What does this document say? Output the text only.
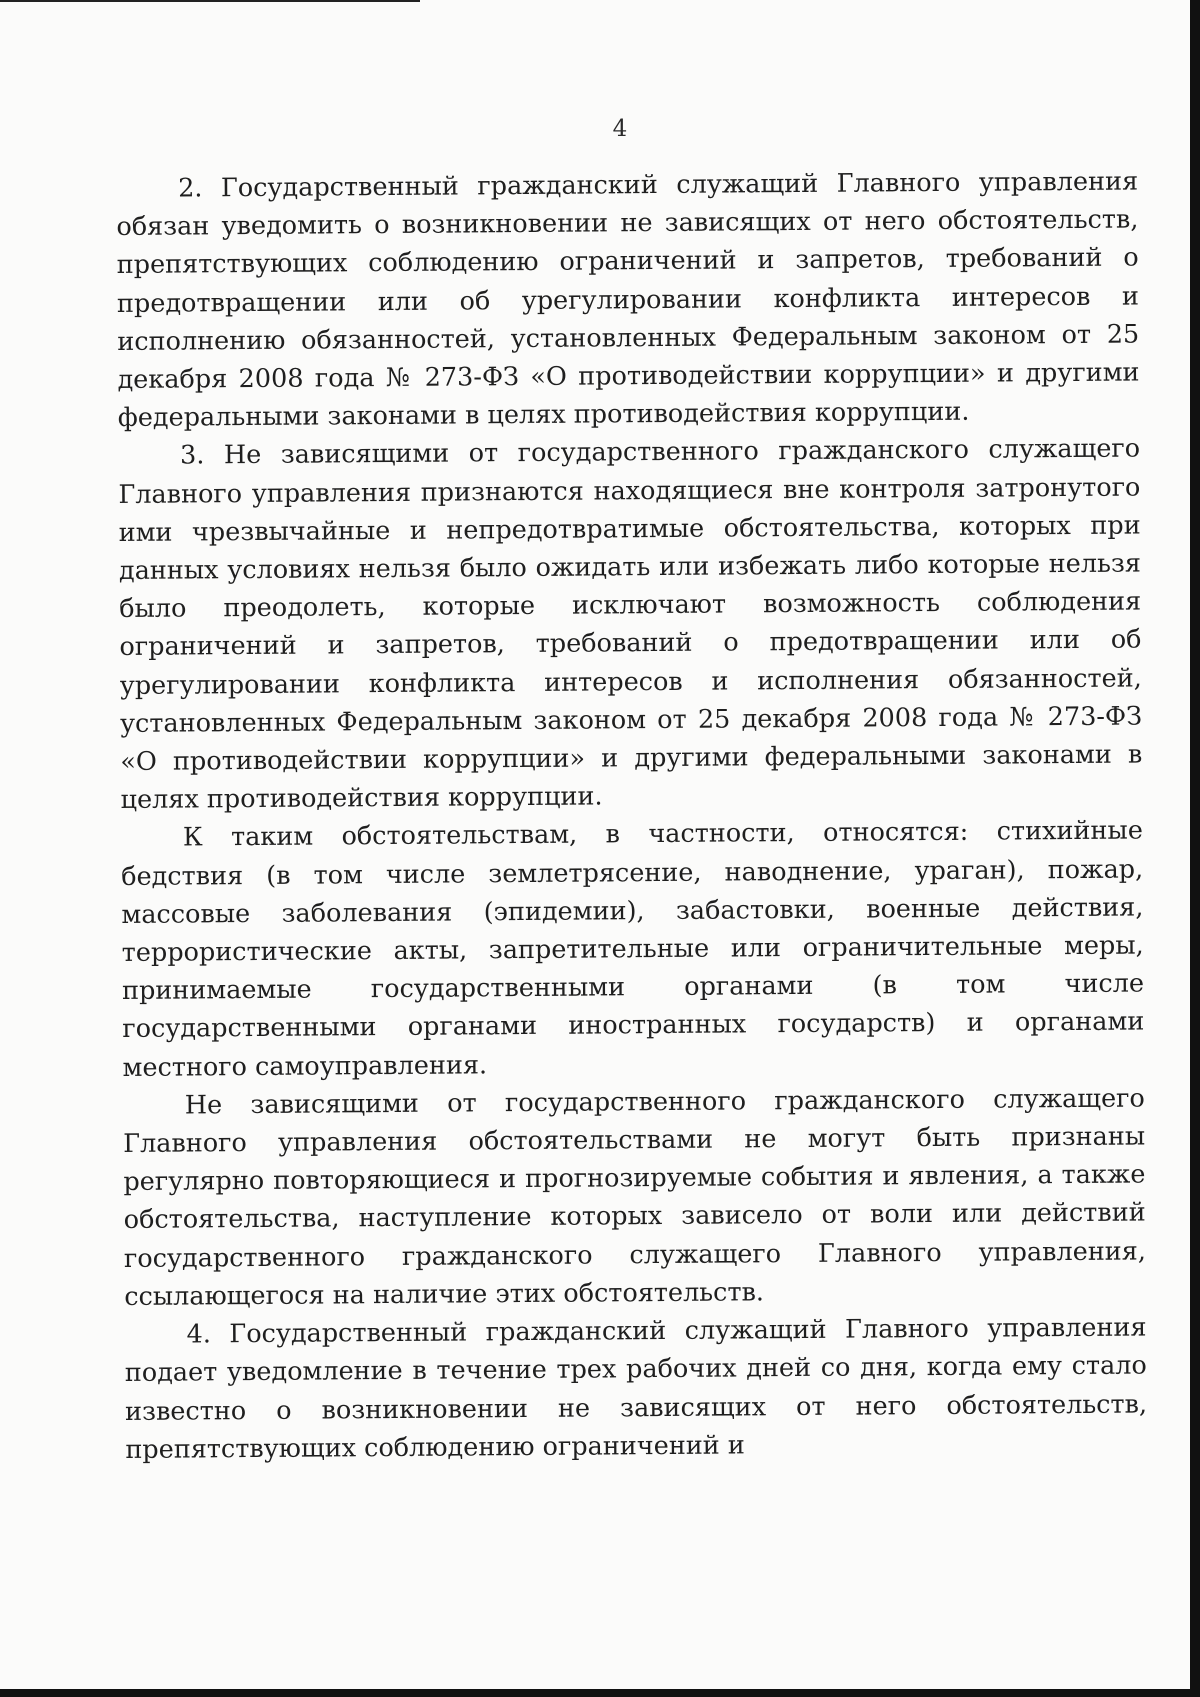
4

2. Государственный гражданский служащий Главного управления обязан уведомить о возникновении не зависящих от него обстоятельств, препятствующих соблюдению ограничений и запретов, требований о предотвращении или об урегулировании конфликта интересов и исполнению обязанностей, установленных Федеральным законом от 25 декабря 2008 года № 273-ФЗ «О противодействии коррупции» и другими федеральными законами в целях противодействия коррупции.

3. Не зависящими от государственного гражданского служащего Главного управления признаются находящиеся вне контроля затронутого ими чрезвычайные и непредотвратимые обстоятельства, которых при данных условиях нельзя было ожидать или избежать либо которые нельзя было преодолеть, которые исключают возможность соблюдения ограничений и запретов, требований о предотвращении или об урегулировании конфликта интересов и исполнения обязанностей, установленных Федеральным законом от 25 декабря 2008 года № 273-ФЗ «О противодействии коррупции» и другими федеральными законами в целях противодействия коррупции.

К таким обстоятельствам, в частности, относятся: стихийные бедствия (в том числе землетрясение, наводнение, ураган), пожар, массовые заболевания (эпидемии), забастовки, военные действия, террористические акты, запретительные или ограничительные меры, принимаемые государственными органами (в том числе государственными органами иностранных государств) и органами местного самоуправления.

Не зависящими от государственного гражданского служащего Главного управления обстоятельствами не могут быть признаны регулярно повторяющиеся и прогнозируемые события и явления, а также обстоятельства, наступление которых зависело от воли или действий государственного гражданского служащего Главного управления, ссылающегося на наличие этих обстоятельств.

4. Государственный гражданский служащий Главного управления подает уведомление в течение трех рабочих дней со дня, когда ему стало известно о возникновении не зависящих от него обстоятельств, препятствующих соблюдению ограничений и
